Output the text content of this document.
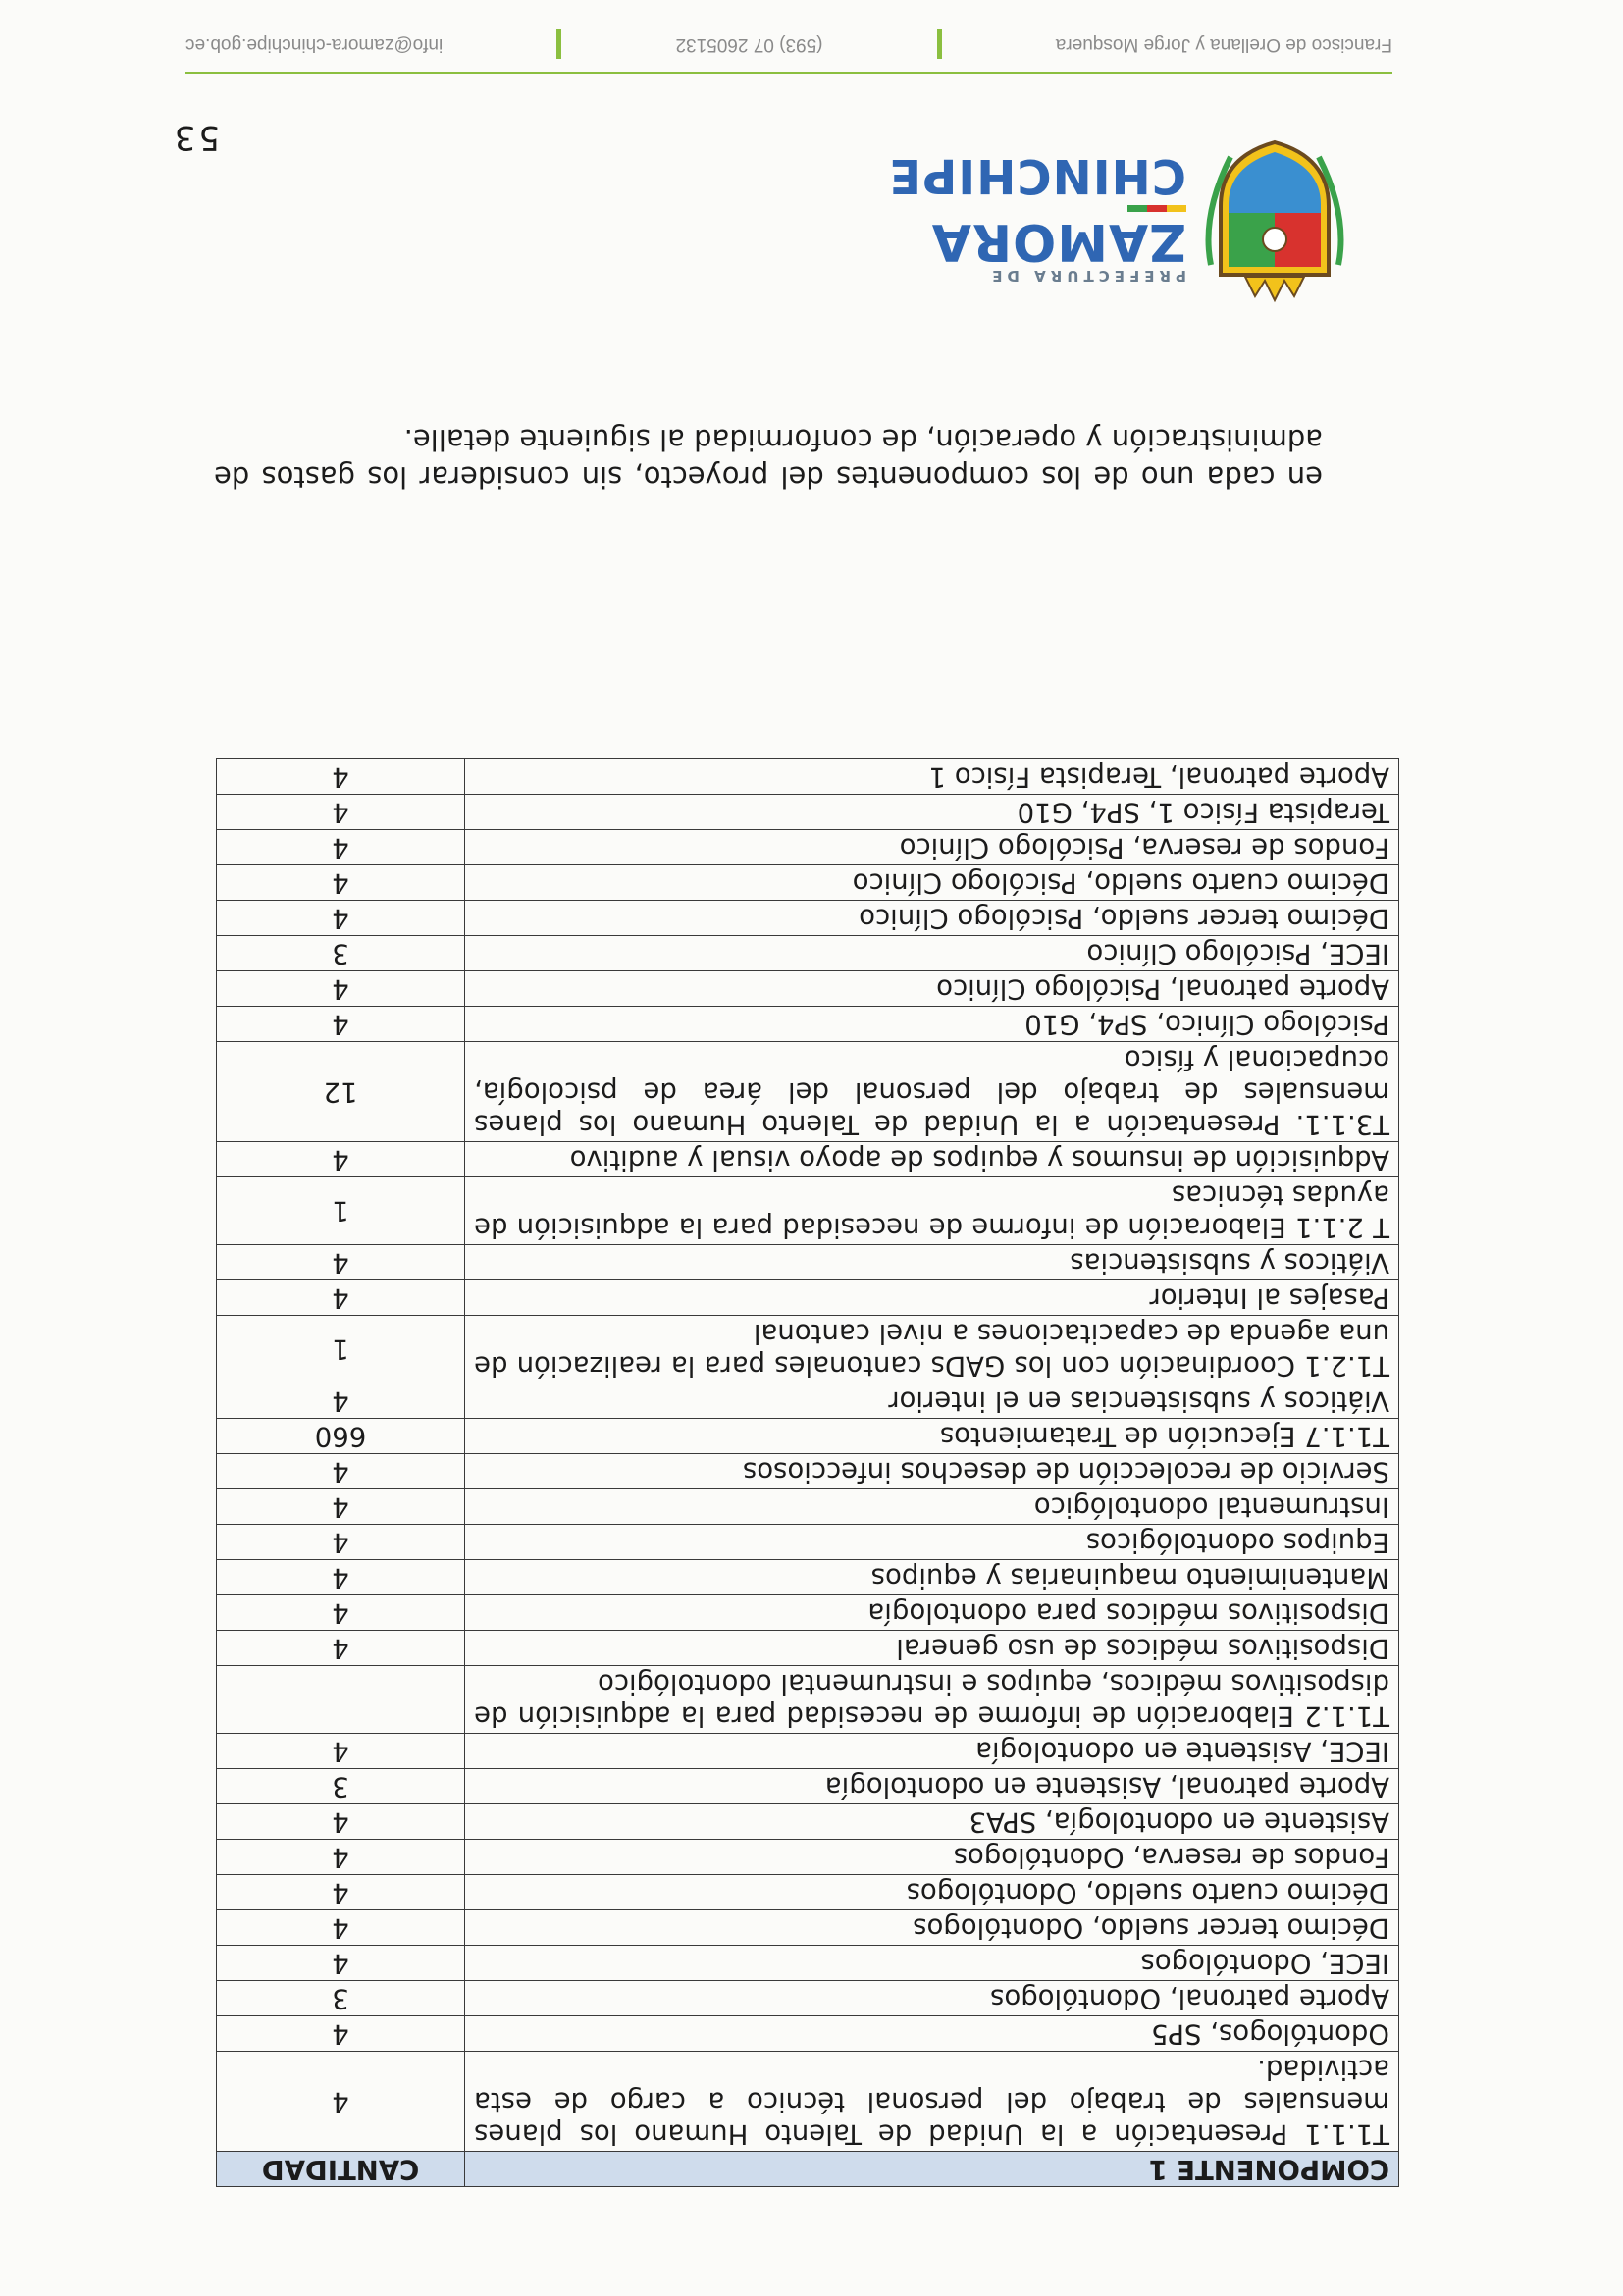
Francisco de Orellana y Jorge Mosquera
(593) 07 2605132
info@zamora-chinchipe.gob.ec
53
PREFECTURA DE
ZAMORA
CHINCHIPE
en cada uno de los componentes del proyecto, sin considerar los gastos de administración y operación, de conformidad al siguiente detalle.
COMPONENTE 1	CANTIDAD
T1.1.1 Presentación a la Unidad de Talento Humano los planes mensuales de trabajo del personal técnico a cargo de esta actividad.	4
Odontólogos, SP5	4
Aporte patronal, Odontólogos	3
IECE, Odontólogos	4
Décimo tercer sueldo, Odontólogos	4
Décimo cuarto sueldo, Odontólogos	4
Fondos de reserva, Odontólogos	4
Asistente en odontología, SPA3	4
Aporte patronal, Asistente en odontología	3
IECE, Asistente en odontología	4
T1.1.2 Elaboración de informe de necesidad para la adquisición de dispositivos médicos, equipos e instrumental odontológico	
Dispositivos médicos de uso general	4
Dispositivos médicos para odontología	4
Mantenimiento maquinarias y equipos	4
Equipos odontológicos	4
Instrumental odontológico	4
Servicio de recolección de desechos infecciosos	4
T1.1.7 Ejecución de Tratamientos	660
Viáticos y subsistencias en el interior	4
T1.2.1 Coordinación con los GADs cantonales para la realización de una agenda de capacitaciones a nivel cantonal	1
Pasajes al Interior	4
Viáticos y subsistencias	4
T 2.1.1 Elaboración de informe de necesidad para la adquisición de ayudas técnicas	1
Adquisición de insumos y equipos de apoyo visual y auditivo	4
T3.1.1. Presentación a la Unidad de Talento Humano los planes mensuales de trabajo del personal del área de psicología, ocupacional y físico	12
Psicólogo Clínico, SP4, G10	4
Aporte patronal, Psicólogo Clínico	4
IECE, Psicólogo Clínico	3
Décimo tercer sueldo, Psicólogo Clínico	4
Décimo cuarto sueldo, Psicólogo Clínico	4
Fondos de reserva, Psicólogo Clínico	4
Terapista Físico 1, SP4, G10	4
Aporte patronal, Terapista Físico 1	4
